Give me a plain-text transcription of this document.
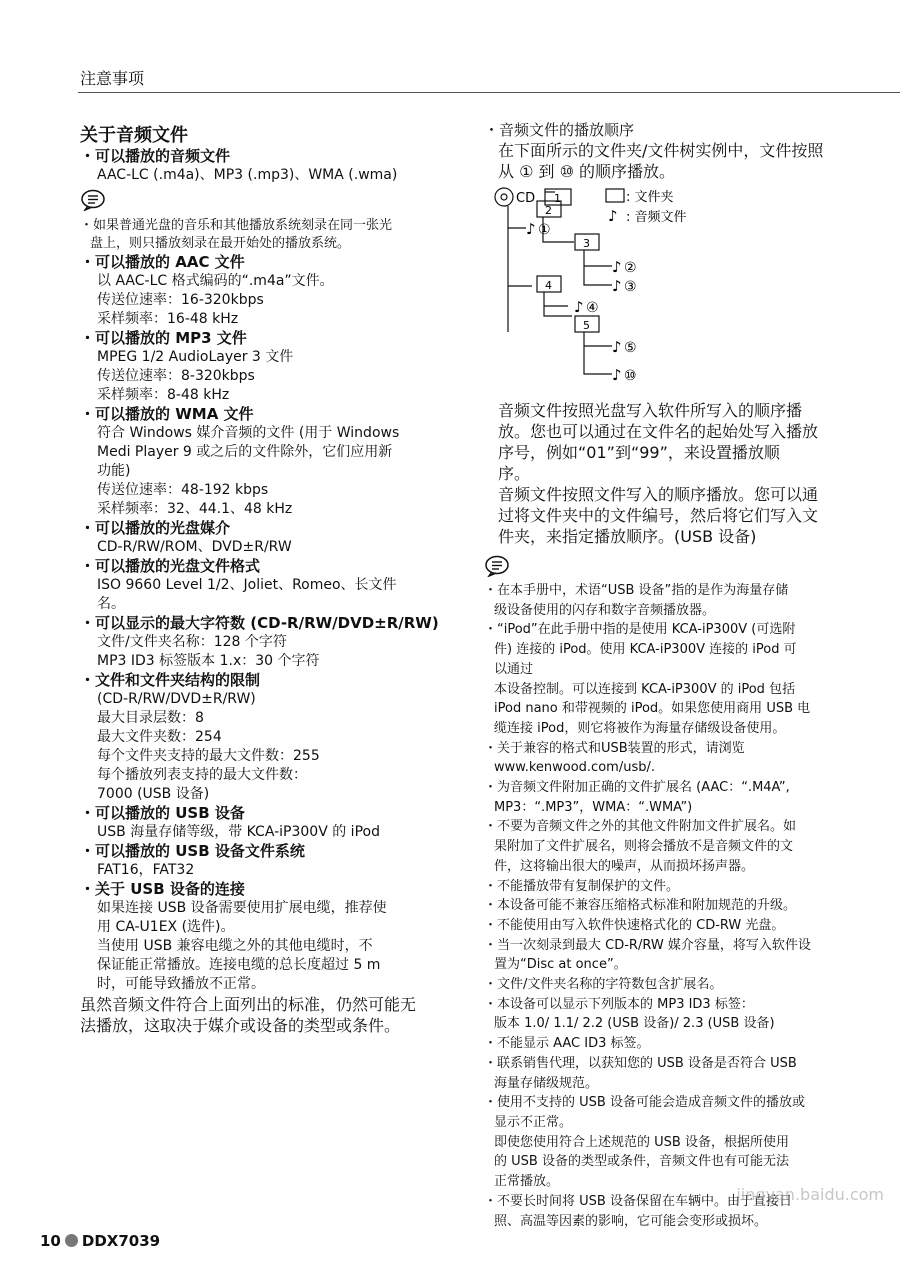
注意事项
关于音频文件
・可以播放的音频文件
AAC-LC (.m4a)、MP3 (.mp3)、WMA (.wma)
・如果普通光盘的音乐和其他播放系统刻录在同一张光
盘上，则只播放刻录在最开始处的播放系统。
・可以播放的 AAC 文件
以 AAC-LC 格式编码的“.m4a”文件。
传送位速率：16-320kbps
采样频率：16-48 kHz
・可以播放的 MP3 文件
MPEG 1/2 AudioLayer 3 文件
传送位速率：8-320kbps
采样频率：8-48 kHz
・可以播放的 WMA 文件
符合 Windows 媒介音频的文件 (用于 Windows
Medi Player 9 或之后的文件除外，它们应用新
功能)
传送位速率：48-192 kbps
采样频率：32、44.1、48 kHz
・可以播放的光盘媒介
CD-R/RW/ROM、DVD±R/RW
・可以播放的光盘文件格式
ISO 9660 Level 1/2、Joliet、Romeo、长文件
名。
・可以显示的最大字符数 (CD-R/RW/DVD±R/RW)
文件/文件夹名称：128 个字符
MP3 ID3 标签版本 1.x：30 个字符
・文件和文件夹结构的限制
(CD-R/RW/DVD±R/RW)
最大目录层数：8
最大文件夹数：254
每个文件夹支持的最大文件数：255
每个播放列表支持的最大文件数：
7000 (USB 设备)
・可以播放的 USB 设备
USB 海量存储等级，带 KCA-iP300V 的 iPod
・可以播放的 USB 设备文件系统
FAT16，FAT32
・关于 USB 设备的连接
如果连接 USB 设备需要使用扩展电缆，推荐使
用 CA-U1EX (选件)。
当使用 USB 兼容电缆之外的其他电缆时，不
保证能正常播放。连接电缆的总长度超过 5 m
时，可能导致播放不正常。
虽然音频文件符合上面列出的标准，仍然可能无
法播放，这取决于媒介或设备的类型或条件。
・音频文件的播放顺序
在下面所示的文件夹/文件树实例中，文件按照
从 ① 到 ⑩ 的顺序播放。
CD 1
2
3
4
5
: 文件夹
♪ : 音频文件
♪ ①
♪ ②
♪ ③
♪ ④
♪ ⑤
♪ ⑩
音频文件按照光盘写入软件所写入的顺序播
放。您也可以通过在文件名的起始处写入播放
序号，例如“01”到“99”，来设置播放顺
序。
音频文件按照文件写入的顺序播放。您可以通
过将文件夹中的文件编号，然后将它们写入文
件夹，来指定播放顺序。(USB 设备)
・在本手册中，术语“USB 设备”指的是作为海量存储
级设备使用的闪存和数字音频播放器。
・“iPod”在此手册中指的是使用 KCA-iP300V (可选附
件) 连接的 iPod。使用 KCA-iP300V 连接的 iPod 可
以通过
本设备控制。可以连接到 KCA-iP300V 的 iPod 包括
iPod nano 和带视频的 iPod。如果您使用商用 USB 电
缆连接 iPod，则它将被作为海量存储级设备使用。
・关于兼容的格式和USB装置的形式，请浏览
www.kenwood.com/usb/.
・为音频文件附加正确的文件扩展名 (AAC：“.M4A”,
MP3：“.MP3”，WMA：“.WMA”)
・不要为音频文件之外的其他文件附加文件扩展名。如
果附加了文件扩展名，则将会播放不是音频文件的文
件，这将输出很大的噪声，从而损坏扬声器。
・不能播放带有复制保护的文件。
・本设备可能不兼容压缩格式标准和附加规范的升级。
・不能使用由写入软件快速格式化的 CD-RW 光盘。
・当一次刻录到最大 CD-R/RW 媒介容量，将写入软件设
置为“Disc at once”。
・文件/文件夹名称的字符数包含扩展名。
・本设备可以显示下列版本的 MP3 ID3 标签：
版本 1.0/ 1.1/ 2.2 (USB 设备)/ 2.3 (USB 设备)
・不能显示 AAC ID3 标签。
・联系销售代理，以获知您的 USB 设备是否符合 USB
海量存储级规范。
・使用不支持的 USB 设备可能会造成音频文件的播放或
显示不正常。
即使您使用符合上述规范的 USB 设备，根据所使用
的 USB 设备的类型或条件，音频文件也有可能无法
正常播放。
・不要长时间将 USB 设备保留在车辆中。由于直接日
照、高温等因素的影响，它可能会变形或损坏。
10 DDX7039
jingyan.baidu.com
